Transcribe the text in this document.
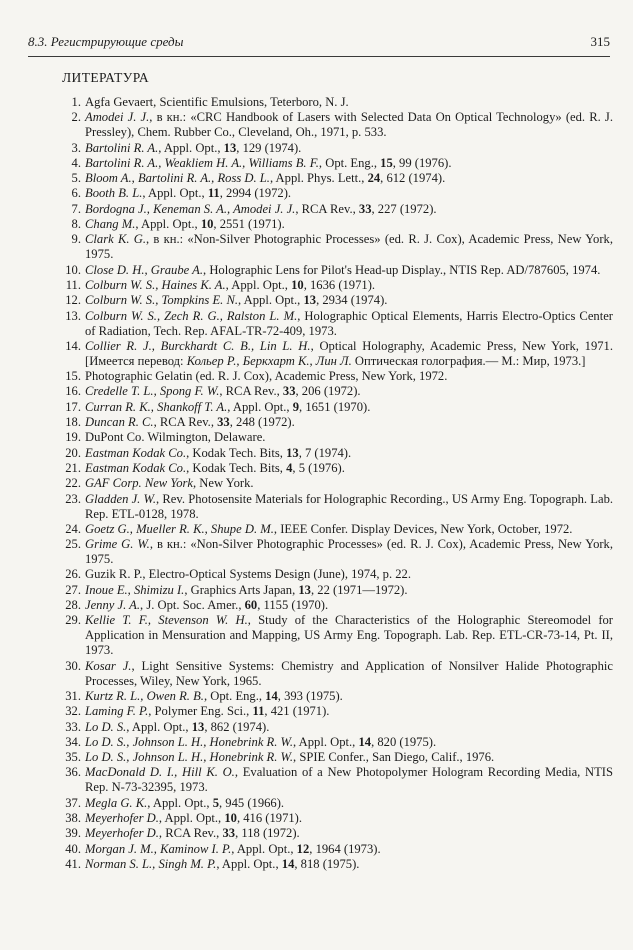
8.3. Регистрирующие среды	315
ЛИТЕРАТУРА
1. Agfa Gevaert, Scientific Emulsions, Teterboro, N. J.
2. Amodei J. J., в кн.: «CRC Handbook of Lasers with Selected Data On Optical Technology» (ed. R. J. Pressley), Chem. Rubber Co., Cleveland, Oh., 1971, p. 533.
3. Bartolini R. A., Appl. Opt., 13, 129 (1974).
4. Bartolini R. A., Weakliem H. A., Williams B. F., Opt. Eng., 15, 99 (1976).
5. Bloom A., Bartolini R. A., Ross D. L., Appl. Phys. Lett., 24, 612 (1974).
6. Booth B. L., Appl. Opt., 11, 2994 (1972).
7. Bordogna J., Keneman S. A., Amodei J. J., RCA Rev., 33, 227 (1972).
8. Chang M., Appl. Opt., 10, 2551 (1971).
9. Clark K. G., в кн.: «Non-Silver Photographic Processes» (ed. R. J. Cox), Academic Press, New York, 1975.
10. Close D. H., Graube A., Holographic Lens for Pilot's Head-up Display., NTIS Rep. AD/787605, 1974.
11. Colburn W. S., Haines K. A., Appl. Opt., 10, 1636 (1971).
12. Colburn W. S., Tompkins E. N., Appl. Opt., 13, 2934 (1974).
13. Colburn W. S., Zech R. G., Ralston L. M., Holographic Optical Elements, Harris Electro-Optics Center of Radiation, Tech. Rep. AFAL-TR-72-409, 1973.
14. Collier R. J., Burckhardt C. B., Lin L. H., Optical Holography, Academic Press, New York, 1971. [Имеется перевод: Кольер Р., Беркхарт К., Лин Л. Оптическая голография.— М.: Мир, 1973.]
15. Photographic Gelatin (ed. R. J. Cox), Academic Press, New York, 1972.
16. Credelle T. L., Spong F. W., RCA Rev., 33, 206 (1972).
17. Curran R. K., Shankoff T. A., Appl. Opt., 9, 1651 (1970).
18. Duncan R. C., RCA Rev., 33, 248 (1972).
19. DuPont Co. Wilmington, Delaware.
20. Eastman Kodak Co., Kodak Tech. Bits, 13, 7 (1974).
21. Eastman Kodak Co., Kodak Tech. Bits, 4, 5 (1976).
22. GAF Corp. New York, New York.
23. Gladden J. W., Rev. Photosensite Materials for Holographic Recording., US Army Eng. Topograph. Lab. Rep. ETL-0128, 1978.
24. Goetz G., Mueller R. K., Shupe D. M., IEEE Confer. Display Devices, New York, October, 1972.
25. Grime G. W., в кн.: «Non-Silver Photographic Processes» (ed. R. J. Cox), Academic Press, New York, 1975.
26. Guzik R. P., Electro-Optical Systems Design (June), 1974, p. 22.
27. Inoue E., Shimizu I., Graphics Arts Japan, 13, 22 (1971—1972).
28. Jenny J. A., J. Opt. Soc. Amer., 60, 1155 (1970).
29. Kellie T. F., Stevenson W. H., Study of the Characteristics of the Holographic Stereomodel for Application in Mensuration and Mapping, US Army Eng. Topograph. Lab. Rep. ETL-CR-73-14, Pt. II, 1973.
30. Kosar J., Light Sensitive Systems: Chemistry and Application of Nonsilver Halide Photographic Processes, Wiley, New York, 1965.
31. Kurtz R. L., Owen R. B., Opt. Eng., 14, 393 (1975).
32. Laming F. P., Polymer Eng. Sci., 11, 421 (1971).
33. Lo D. S., Appl. Opt., 13, 862 (1974).
34. Lo D. S., Johnson L. H., Honebrink R. W., Appl. Opt., 14, 820 (1975).
35. Lo D. S., Johnson L. H., Honebrink R. W., SPIE Confer., San Diego, Calif., 1976.
36. MacDonald D. I., Hill K. O., Evaluation of a New Photopolymer Hologram Recording Media, NTIS Rep. N-73-32395, 1973.
37. Megla G. K., Appl. Opt., 5, 945 (1966).
38. Meyerhofer D., Appl. Opt., 10, 416 (1971).
39. Meyerhofer D., RCA Rev., 33, 118 (1972).
40. Morgan J. M., Kaminow I. P., Appl. Opt., 12, 1964 (1973).
41. Norman S. L., Singh M. P., Appl. Opt., 14, 818 (1975).
